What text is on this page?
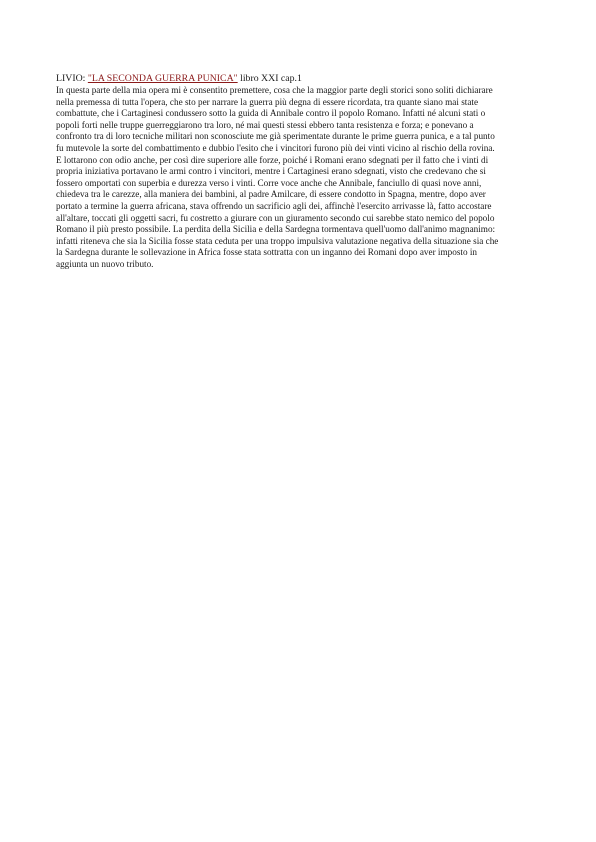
LIVIO: "LA SECONDA GUERRA PUNICA" libro XXI cap.1

In questa parte della mia opera mi è consentito premettere, cosa che la maggior parte degli storici sono soliti dichiarare
nella premessa di tutta l'opera, che sto per narrare la guerra più degna di essere ricordata, tra quante siano mai state
combattute, che i Cartaginesi condussero sotto la guida di Annibale contro il popolo Romano. Infatti né alcuni stati o
popoli forti nelle truppe guerreggiarono tra loro, né mai questi stessi ebbero tanta resistenza e forza; e ponevano a
confronto tra di loro tecniche militari non sconosciute me già sperimentate durante le prime guerra punica, e a tal punto
fu mutevole la sorte del combattimento e dubbio l'esito che i vincitori furono più dei vinti vicino al rischio della rovina.
E lottarono con odio anche, per così dire superiore alle forze, poiché i Romani erano sdegnati per il fatto che i vinti di
propria iniziativa portavano le armi contro i vincitori, mentre i Cartaginesi erano sdegnati, visto che credevano che si
fossero omportati con superbia e durezza verso i vinti. Corre voce anche che Annibale, fanciullo di quasi nove anni,
chiedeva tra le carezze, alla maniera dei bambini, al padre Amilcare, di essere condotto in Spagna, mentre, dopo aver
portato a termine la guerra africana, stava offrendo un sacrificio agli dei, affinchè l'esercito arrivasse là, fatto accostare
all'altare, toccati gli oggetti sacri, fu costretto a giurare con un giuramento secondo cui sarebbe stato nemico del popolo
Romano il più presto possibile. La perdita della Sicilia e della Sardegna tormentava quell'uomo dall'animo magnanimo:
infatti riteneva che sia la Sicilia fosse stata ceduta per una troppo impulsiva valutazione negativa della situazione sia che
la Sardegna durante le sollevazione in Africa fosse stata sottratta con un inganno dei Romani dopo aver imposto in
aggiunta un nuovo tributo.
